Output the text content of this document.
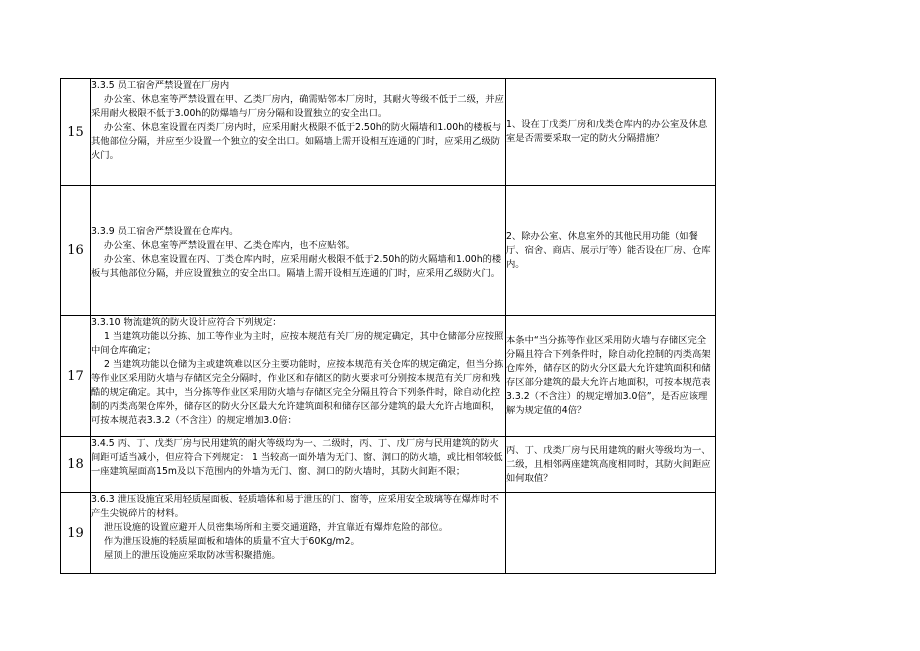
15	3.3.5 员工宿舍严禁设置在厂房内

办公室、休息室等严禁设置在甲、乙类厂房内，确需贴邻本厂房时，其耐火等级不低于二级，并应采用耐火极限不低于3.00h的防爆墙与厂房分隔和设置独立的安全出口。

办公室、休息室设置在丙类厂房内时，应采用耐火极限不低于2.50h的防火隔墙和1.00h的楼板与其他部位分隔，并应至少设置一个独立的安全出口。如隔墙上需开设相互连通的门时，应采用乙级防火门。	1、设在丁戊类厂房和戊类仓库内的办公室及休息室是否需要采取一定的防火分隔措施？

16	3.3.9 员工宿舍严禁设置在仓库内。

办公室、休息室等严禁设置在甲、乙类仓库内，也不应贴邻。

办公室、休息室设置在丙、丁类仓库内时，应采用耐火极限不低于2.50h的防火隔墙和1.00h的楼板与其他部位分隔，并应设置独立的安全出口。隔墙上需开设相互连通的门时，应采用乙级防火门。	2、除办公室、休息室外的其他民用功能（如餐厅、宿舍、商店、展示厅等）能否设在厂房、仓库内。

17	3.3.10 物流建筑的防火设计应符合下列规定：

1 当建筑功能以分拣、加工等作业为主时，应按本规范有关厂房的规定确定，其中仓储部分应按照中间仓库确定；

2 当建筑功能以仓储为主或建筑难以区分主要功能时，应按本规范有关仓库的规定确定，但当分拣等作业区采用防火墙与存储区完全分隔时，作业区和存储区的防火要求可分别按本规范有关厂房和残酷的规定确定。其中，当分拣等作业区采用防火墙与存储区完全分隔且符合下列条件时，除自动化控制的丙类高架仓库外，储存区的防火分区最大允许建筑面积和储存区部分建筑的最大允许占地面积，可按本规范表3.3.2（不含注）的规定增加3.0倍：	本条中“当分拣等作业区采用防火墙与存储区完全分隔且符合下列条件时，除自动化控制的丙类高架仓库外，储存区的防火分区最大允许建筑面积和储存区部分建筑的最大允许占地面积，可按本规范表3.3.2（不含注）的规定增加3.0倍”，是否应该理解为规定值的4倍？

18	3.4.5 丙、丁、戊类厂房与民用建筑的耐火等级均为一、二级时，丙、丁、戊厂房与民用建筑的防火间距可适当减小，但应符合下列规定： 1 当较高一面外墙为无门、窗、洞口的防火墙，或比相邻较低一座建筑屋面高15m及以下范围内的外墙为无门、窗、洞口的防火墙时，其防火间距不限；	丙、丁、戊类厂房与民用建筑的耐火等级均为一、二级，且相邻两座建筑高度相同时，其防火间距应如何取值？

19	3.6.3 泄压设施宜采用轻质屋面板、轻质墙体和易于泄压的门、窗等，应采用安全玻璃等在爆炸时不产生尖锐碎片的材料。

泄压设施的设置应避开人员密集场所和主要交通道路，并宜靠近有爆炸危险的部位。

作为泄压设施的轻质屋面板和墙体的质量不宜大于60Kg/m2。

屋顶上的泄压设施应采取防冰雪积聚措施。	
